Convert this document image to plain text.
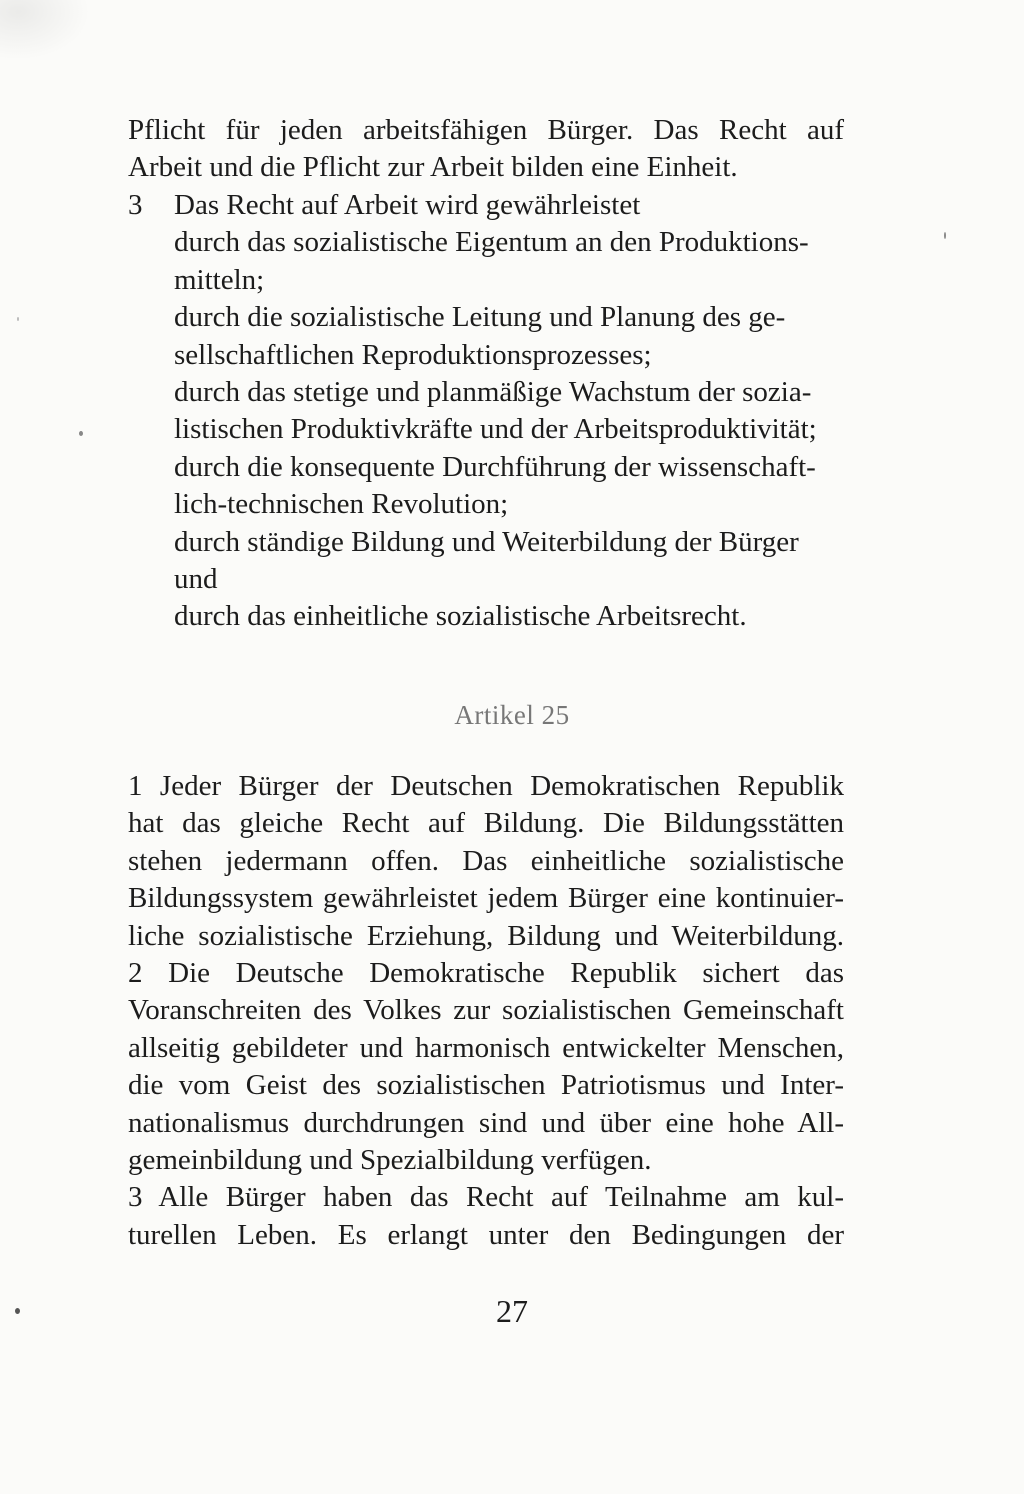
Pflicht für jeden arbeitsfähigen Bürger. Das Recht auf
Arbeit und die Pflicht zur Arbeit bilden eine Einheit.
3 Das Recht auf Arbeit wird gewährleistet
durch das sozialistische Eigentum an den Produktions-
mitteln;
durch die sozialistische Leitung und Planung des ge-
sellschaftlichen Reproduktionsprozesses;
durch das stetige und planmäßige Wachstum der sozia-
listischen Produktivkräfte und der Arbeitsproduktivität;
durch die konsequente Durchführung der wissenschaft-
lich-technischen Revolution;
durch ständige Bildung und Weiterbildung der Bürger
und
durch das einheitliche sozialistische Arbeitsrecht.
Artikel 25
1 Jeder Bürger der Deutschen Demokratischen Republik
hat das gleiche Recht auf Bildung. Die Bildungsstätten
stehen jedermann offen. Das einheitliche sozialistische
Bildungssystem gewährleistet jedem Bürger eine kontinuier-
liche sozialistische Erziehung, Bildung und Weiterbildung.
2 Die Deutsche Demokratische Republik sichert das
Voranschreiten des Volkes zur sozialistischen Gemeinschaft
allseitig gebildeter und harmonisch entwickelter Menschen,
die vom Geist des sozialistischen Patriotismus und Inter-
nationalismus durchdrungen sind und über eine hohe All-
gemeinbildung und Spezialbildung verfügen.
3 Alle Bürger haben das Recht auf Teilnahme am kul-
turellen Leben. Es erlangt unter den Bedingungen der
27
